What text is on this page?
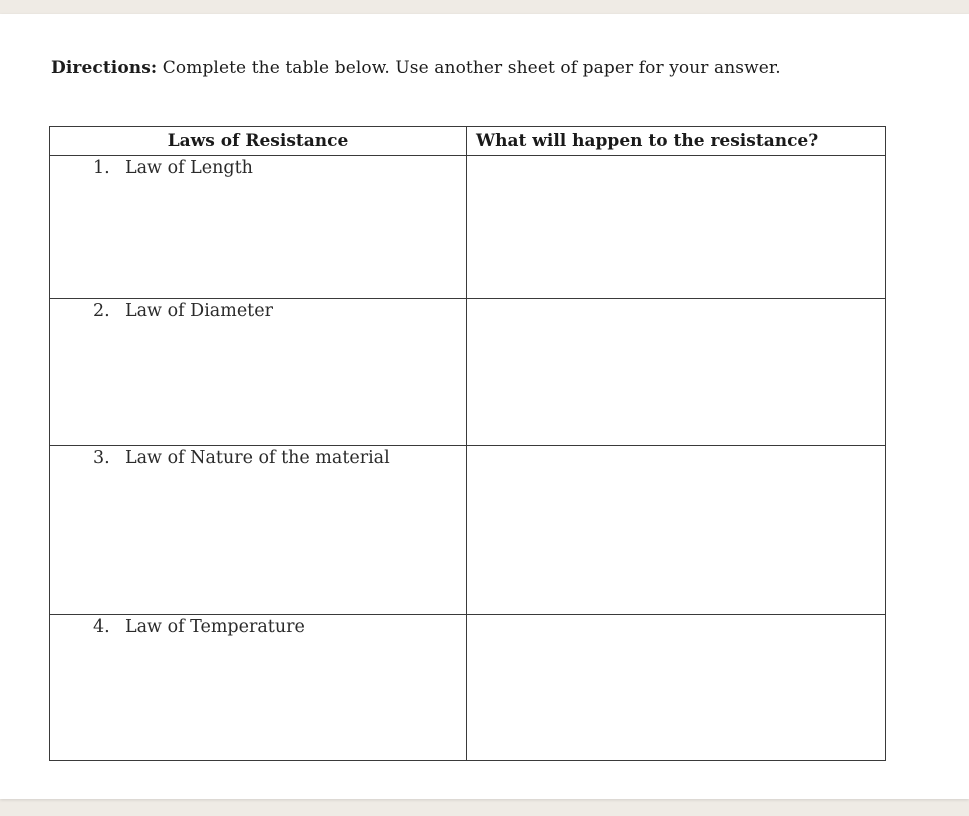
Directions: Complete the table below. Use another sheet of paper for your answer.
Laws of Resistance	What will happen to the resistance?
1. Law of Length	
2. Law of Diameter	
3. Law of Nature of the material	
4. Law of Temperature	
